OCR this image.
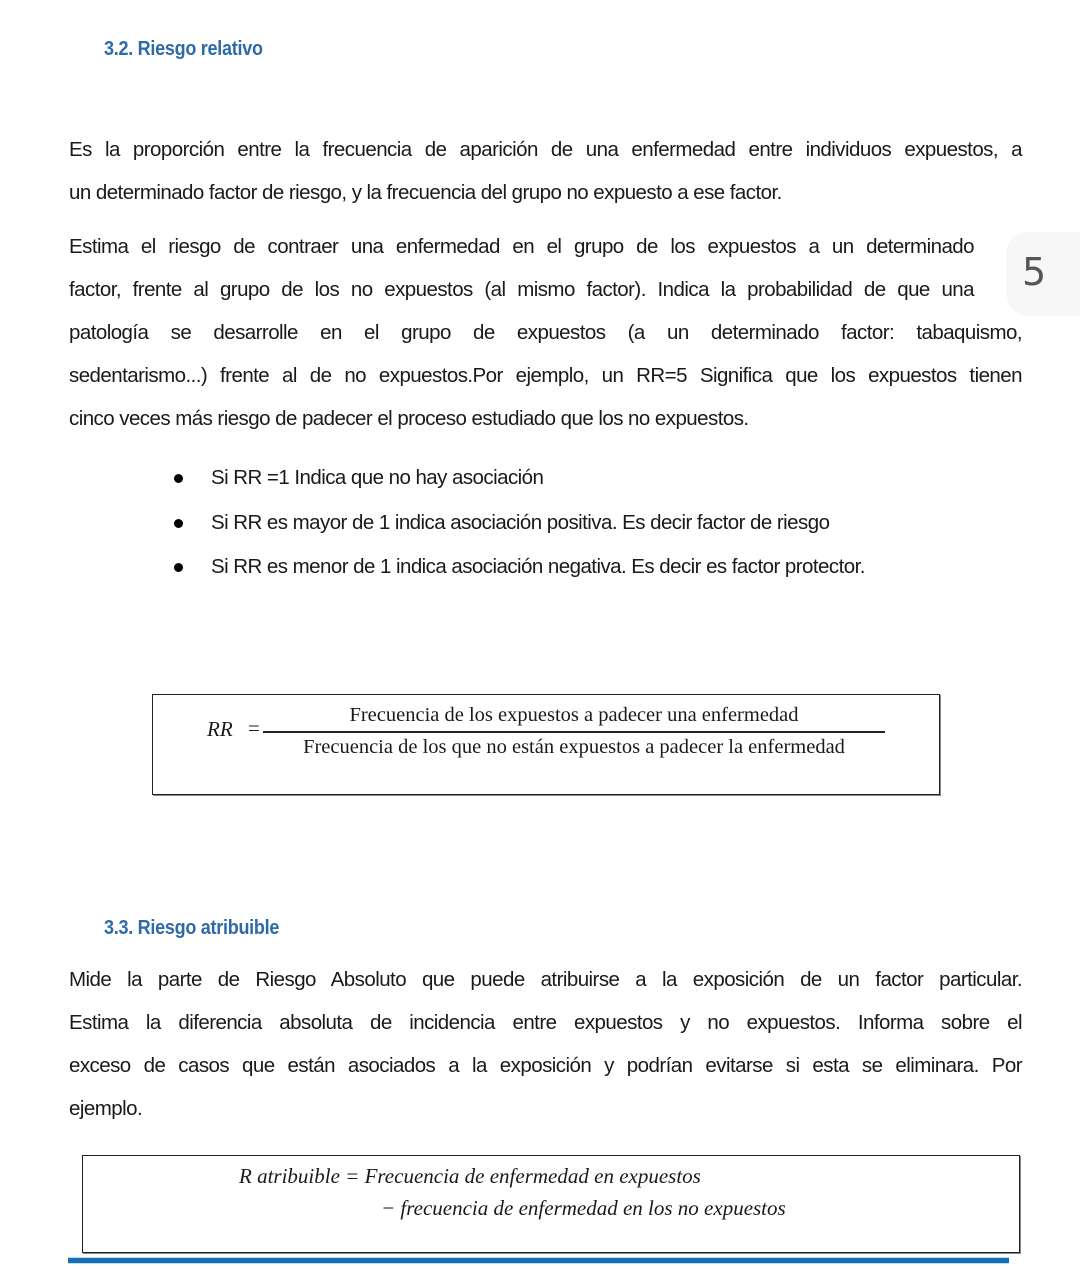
3.2. Riesgo relativo
Es la proporción entre la frecuencia de aparición de una enfermedad entre individuos expuestos, a
un determinado factor de riesgo, y la frecuencia del grupo no expuesto a ese factor.
Estima el riesgo de contraer una enfermedad en el grupo de los expuestos a un determinado
factor, frente al grupo de los no expuestos (al mismo factor). Indica la probabilidad de que una
patología se desarrolle en el grupo de expuestos (a un determinado factor: tabaquismo,
sedentarismo...) frente al de no expuestos.Por ejemplo, un RR=5 Significa que los expuestos tienen
cinco veces más riesgo de padecer el proceso estudiado que los no expuestos.
Si RR =1 Indica que no hay asociación
Si RR es mayor de 1 indica asociación positiva. Es decir factor de riesgo
Si RR es menor de 1 indica asociación negativa. Es decir es factor protector.
RR =
Frecuencia de los expuestos a padecer una enfermedad
Frecuencia de los que no están expuestos a padecer la enfermedad
3.3. Riesgo atribuible
Mide la parte de Riesgo Absoluto que puede atribuirse a la exposición de un factor particular.
Estima la diferencia absoluta de incidencia entre expuestos y no expuestos. Informa sobre el
exceso de casos que están asociados a la exposición y podrían evitarse si esta se eliminara. Por
ejemplo.
R atribuible = Frecuencia de enfermedad en expuestos
− frecuencia de enfermedad en los no expuestos
5
